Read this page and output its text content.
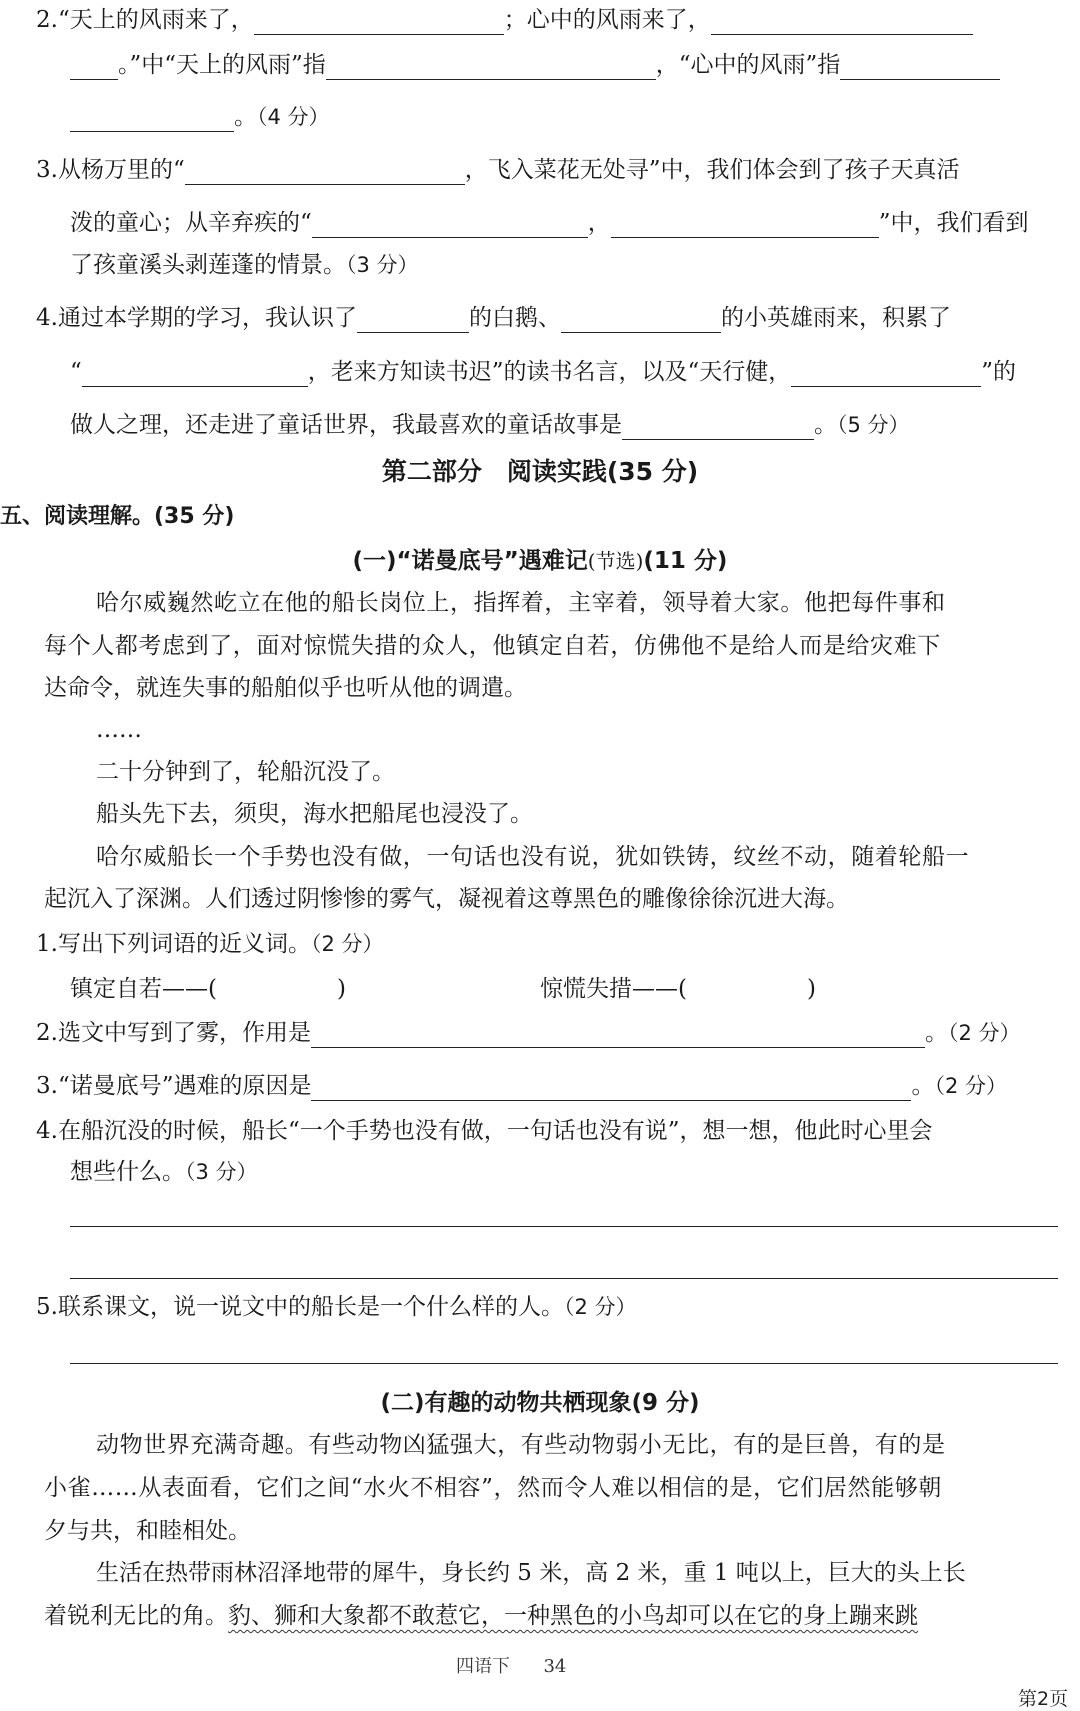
2.“天上的风雨来了，	；心中的风雨来了，
。”中“天上的风雨”指	，“心中的风雨”指
。（4 分）
3.从杨万里的“	，飞入菜花无处寻”中，我们体会到了孩子天真活
泼的童心；从辛弃疾的“	，	”中，我们看到
了孩童溪头剥莲蓬的情景。（3 分）
4.通过本学期的学习，我认识了	的白鹅、	的小英雄雨来，积累了
“	，老来方知读书迟”的读书名言，以及“天行健，	”的
做人之理，还走进了童话世界，我最喜欢的童话故事是	。（5 分）
第二部分　阅读实践(35 分)
五、阅读理解。(35 分)
(一)“诺曼底号”遇难记(节选)(11 分)
哈尔威巍然屹立在他的船长岗位上，指挥着，主宰着，领导着大家。他把每件事和
每个人都考虑到了，面对惊慌失措的众人，他镇定自若，仿佛他不是给人而是给灾难下
达命令，就连失事的船舶似乎也听从他的调遣。
……
二十分钟到了，轮船沉没了。
船头先下去，须臾，海水把船尾也浸没了。
哈尔威船长一个手势也没有做，一句话也没有说，犹如铁铸，纹丝不动，随着轮船一
起沉入了深渊。人们透过阴惨惨的雾气，凝视着这尊黑色的雕像徐徐沉进大海。
1.写出下列词语的近义词。（2 分）
镇定自若——(	)	惊慌失措——(	)
2.选文中写到了雾，作用是	。（2 分）
3.“诺曼底号”遇难的原因是	。（2 分）
4.在船沉没的时候，船长“一个手势也没有做，一句话也没有说”，想一想，他此时心里会
想些什么。（3 分）
5.联系课文，说一说文中的船长是一个什么样的人。（2 分）
(二)有趣的动物共栖现象(9 分)
动物世界充满奇趣。有些动物凶猛强大，有些动物弱小无比，有的是巨兽，有的是
小雀……从表面看，它们之间“水火不相容”，然而令人难以相信的是，它们居然能够朝
夕与共，和睦相处。
生活在热带雨林沼泽地带的犀牛，身长约 5 米，高 2 米，重 1 吨以上，巨大的头上长
着锐利无比的角。豹、狮和大象都不敢惹它，一种黑色的小鸟却可以在它的身上蹦来跳
四语下 34
第2页
